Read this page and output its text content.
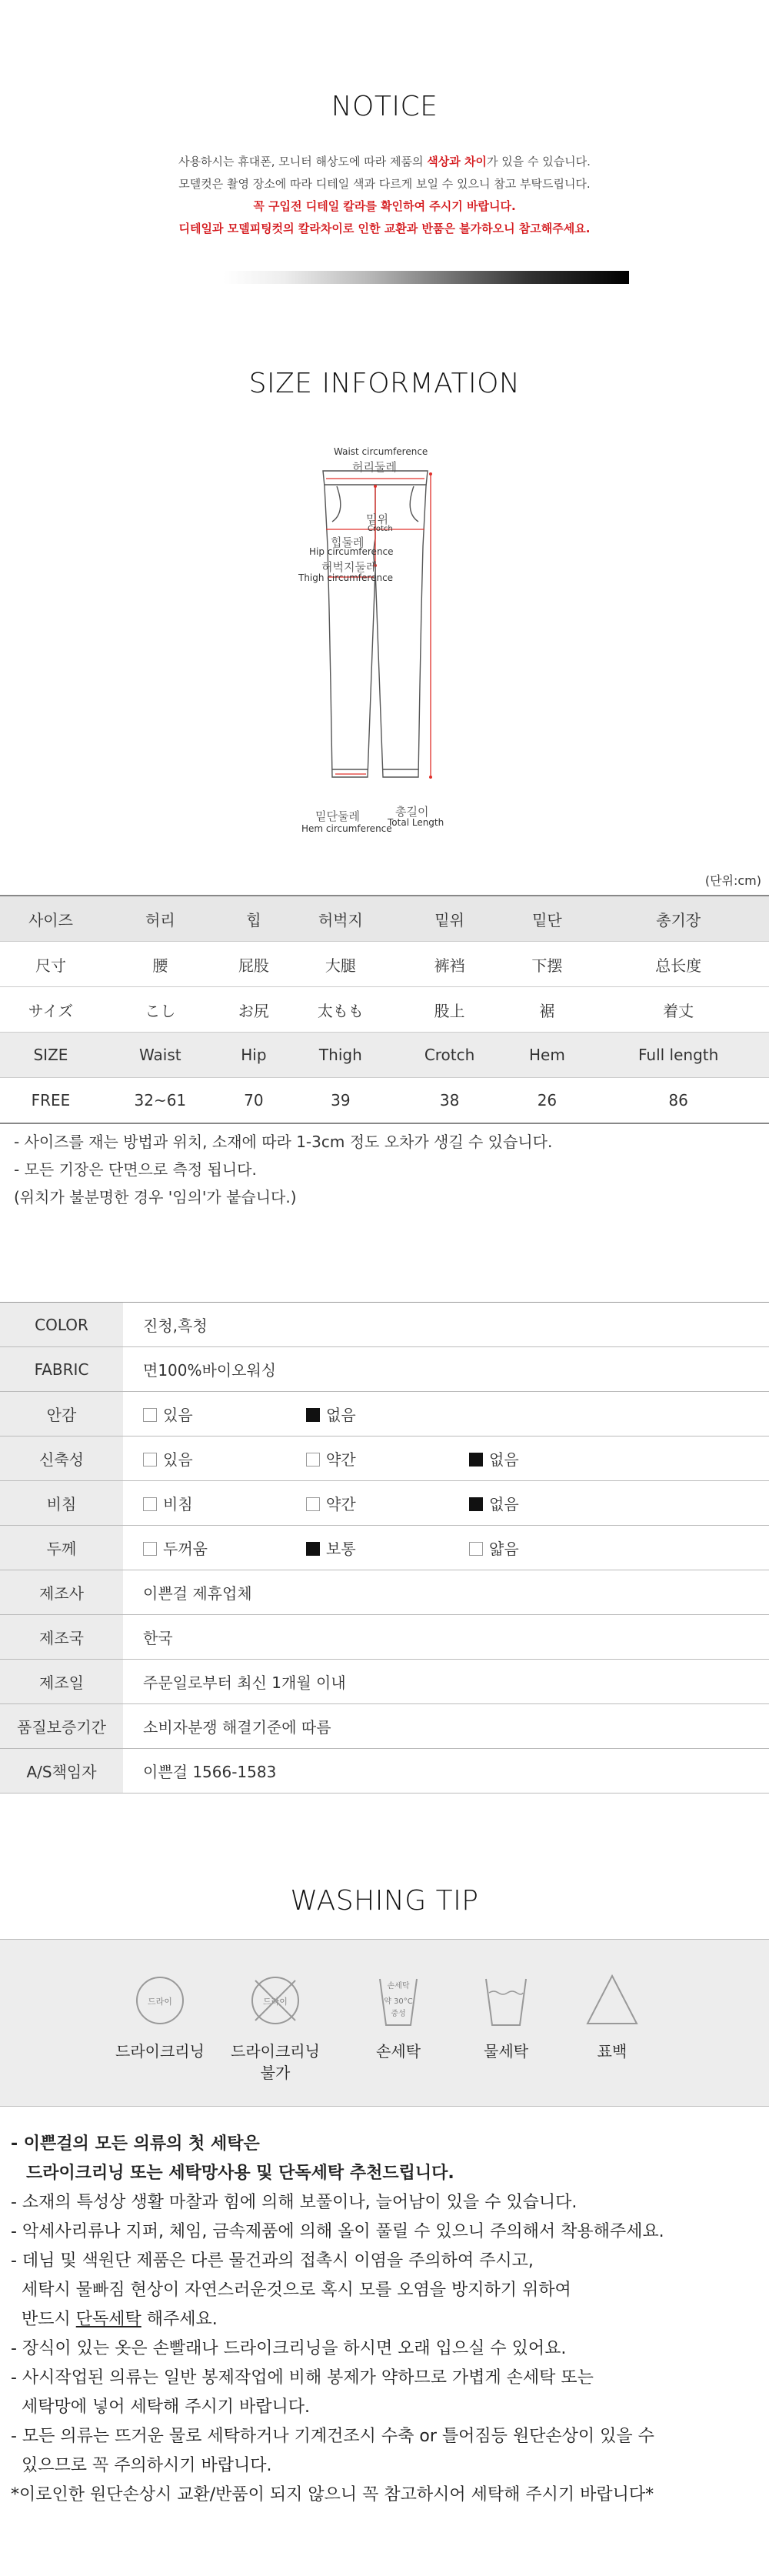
NOTICE
사용하시는 휴대폰, 모니터 해상도에 따라 제품의 색상과 차이가 있을 수 있습니다.
모델컷은 촬영 장소에 따라 디테일 색과 다르게 보일 수 있으니 참고 부탁드립니다.
꼭 구입전 디테일 칼라를 확인하여 주시기 바랍니다.
디테일과 모델피팅컷의 칼라차이로 인한 교환과 반품은 불가하오니 참고해주세요.
SIZE INFORMATION
Waist circumference
허리둘레
밑위
Crotch
힙둘레
Hip circumference
허벅지둘레
Thigh circumference
밑단둘레
Hem circumference
총길이
Total Length
(단위:cm)
사이즈	허리	힙	허벅지	밑위	밑단	총기장
尺寸	腰	屁股	大腿	裤裆	下摆	总长度
サイズ	こし	お尻	太もも	股上	裾	着丈
SIZE	Waist	Hip	Thigh	Crotch	Hem	Full length
FREE	32~61	70	39	38	26	86
- 사이즈를 재는 방법과 위치, 소재에 따라 1-3cm 정도 오차가 생길 수 있습니다.
- 모든 기장은 단면으로 측정 됩니다.
(위치가 불분명한 경우 '임의'가 붙습니다.)
COLOR	진청,흑청
FABRIC	면100%바이오워싱
안감	있음 없음
신축성	있음 약간 없음
비침	비침 약간 없음
두께	두꺼움 보통 얇음
제조사	이쁜걸 제휴업체
제조국	한국
제조일	주문일로부터 최신 1개월 이내
품질보증기간	소비자분쟁 해결기준에 따름
A/S책임자	이쁜걸 1566-1583
WASHING TIP
드라이
드라이크리닝
드라이
드라이크리닝
불가
손세탁
약 30°C
중성
손세탁	물세탁	표백
- 이쁜걸의 모든 의류의 첫 세탁은
드라이크리닝 또는 세탁망사용 및 단독세탁 추천드립니다.
- 소재의 특성상 생활 마찰과 힘에 의해 보풀이나, 늘어남이 있을 수 있습니다.
- 악세사리류나 지퍼, 체임, 금속제품에 의해 올이 풀릴 수 있으니 주의해서 착용해주세요.
- 데님 및 색원단 제품은 다른 물건과의 접촉시 이염을 주의하여 주시고,
세탁시 물빠짐 현상이 자연스러운것으로 혹시 모를 오염을 방지하기 위하여
반드시 단독세탁 해주세요.
- 장식이 있는 옷은 손빨래나 드라이크리닝을 하시면 오래 입으실 수 있어요.
- 사시작업된 의류는 일반 봉제작업에 비해 봉제가 약하므로 가볍게 손세탁 또는
세탁망에 넣어 세탁해 주시기 바랍니다.
- 모든 의류는 뜨거운 물로 세탁하거나 기계건조시 수축 or 틀어짐등 원단손상이 있을 수
있으므로 꼭 주의하시기 바랍니다.
*이로인한 원단손상시 교환/반품이 되지 않으니 꼭 참고하시어 세탁해 주시기 바랍니다*
